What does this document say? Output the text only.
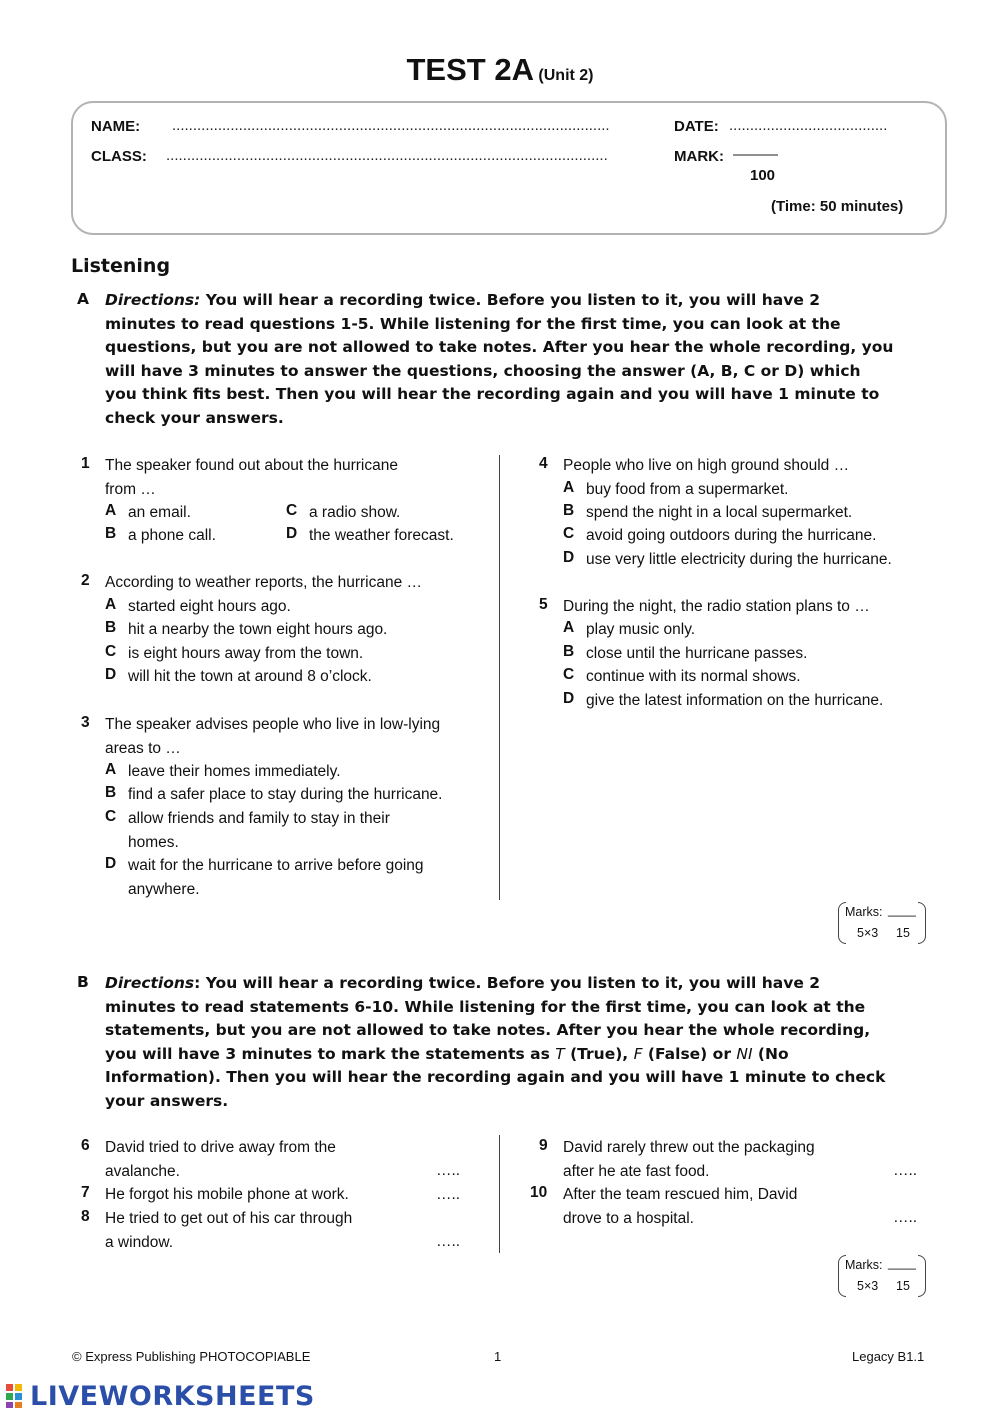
TEST 2A (Unit 2)
NAME: .........................................................................................................
CLASS: ..........................................................................................................
DATE: ......................................
MARK: ———
100
(Time: 50 minutes)
Listening
A Directions: You will hear a recording twice. Before you listen to it, you will have 2
minutes to read questions 1-5. While listening for the first time, you can look at the
questions, but you are not allowed to take notes. After you hear the whole recording, you
will have 3 minutes to answer the questions, choosing the answer (A, B, C or D) which
you think fits best. Then you will hear the recording again and you will have 1 minute to
check your answers.
1 The speaker found out about the hurricane
from …
A an email.	C a radio show.
B a phone call.	D the weather forecast.
2 According to weather reports, the hurricane …
A started eight hours ago.
B hit a nearby the town eight hours ago.
C is eight hours away from the town.
D will hit the town at around 8 o’clock.
3 The speaker advises people who live in low-lying
areas to …
A leave their homes immediately.
B find a safer place to stay during the hurricane.
C allow friends and family to stay in their
homes.
D wait for the hurricane to arrive before going
anywhere.
4 People who live on high ground should …
A buy food from a supermarket.
B spend the night in a local supermarket.
C avoid going outdoors during the hurricane.
D use very little electricity during the hurricane.
5 During the night, the radio station plans to …
A play music only.
B close until the hurricane passes.
C continue with its normal shows.
D give the latest information on the hurricane.
Marks: ____
5×3 15
B Directions: You will hear a recording twice. Before you listen to it, you will have 2
minutes to read statements 6-10. While listening for the first time, you can look at the
statements, but you are not allowed to take notes. After you hear the whole recording,
you will have 3 minutes to mark the statements as T (True), F (False) or NI (No
Information). Then you will hear the recording again and you will have 1 minute to check
your answers.
6 David tried to drive away from the
avalanche.	…..
7 He forgot his mobile phone at work.	…..
8 He tried to get out of his car through
a window.	…..
9 David rarely threw out the packaging
after he ate fast food.	…..
10 After the team rescued him, David
drove to a hospital.	…..
Marks: ____
5×3 15
© Express Publishing PHOTOCOPIABLE	1	Legacy B1.1
LIVEWORKSHEETS
